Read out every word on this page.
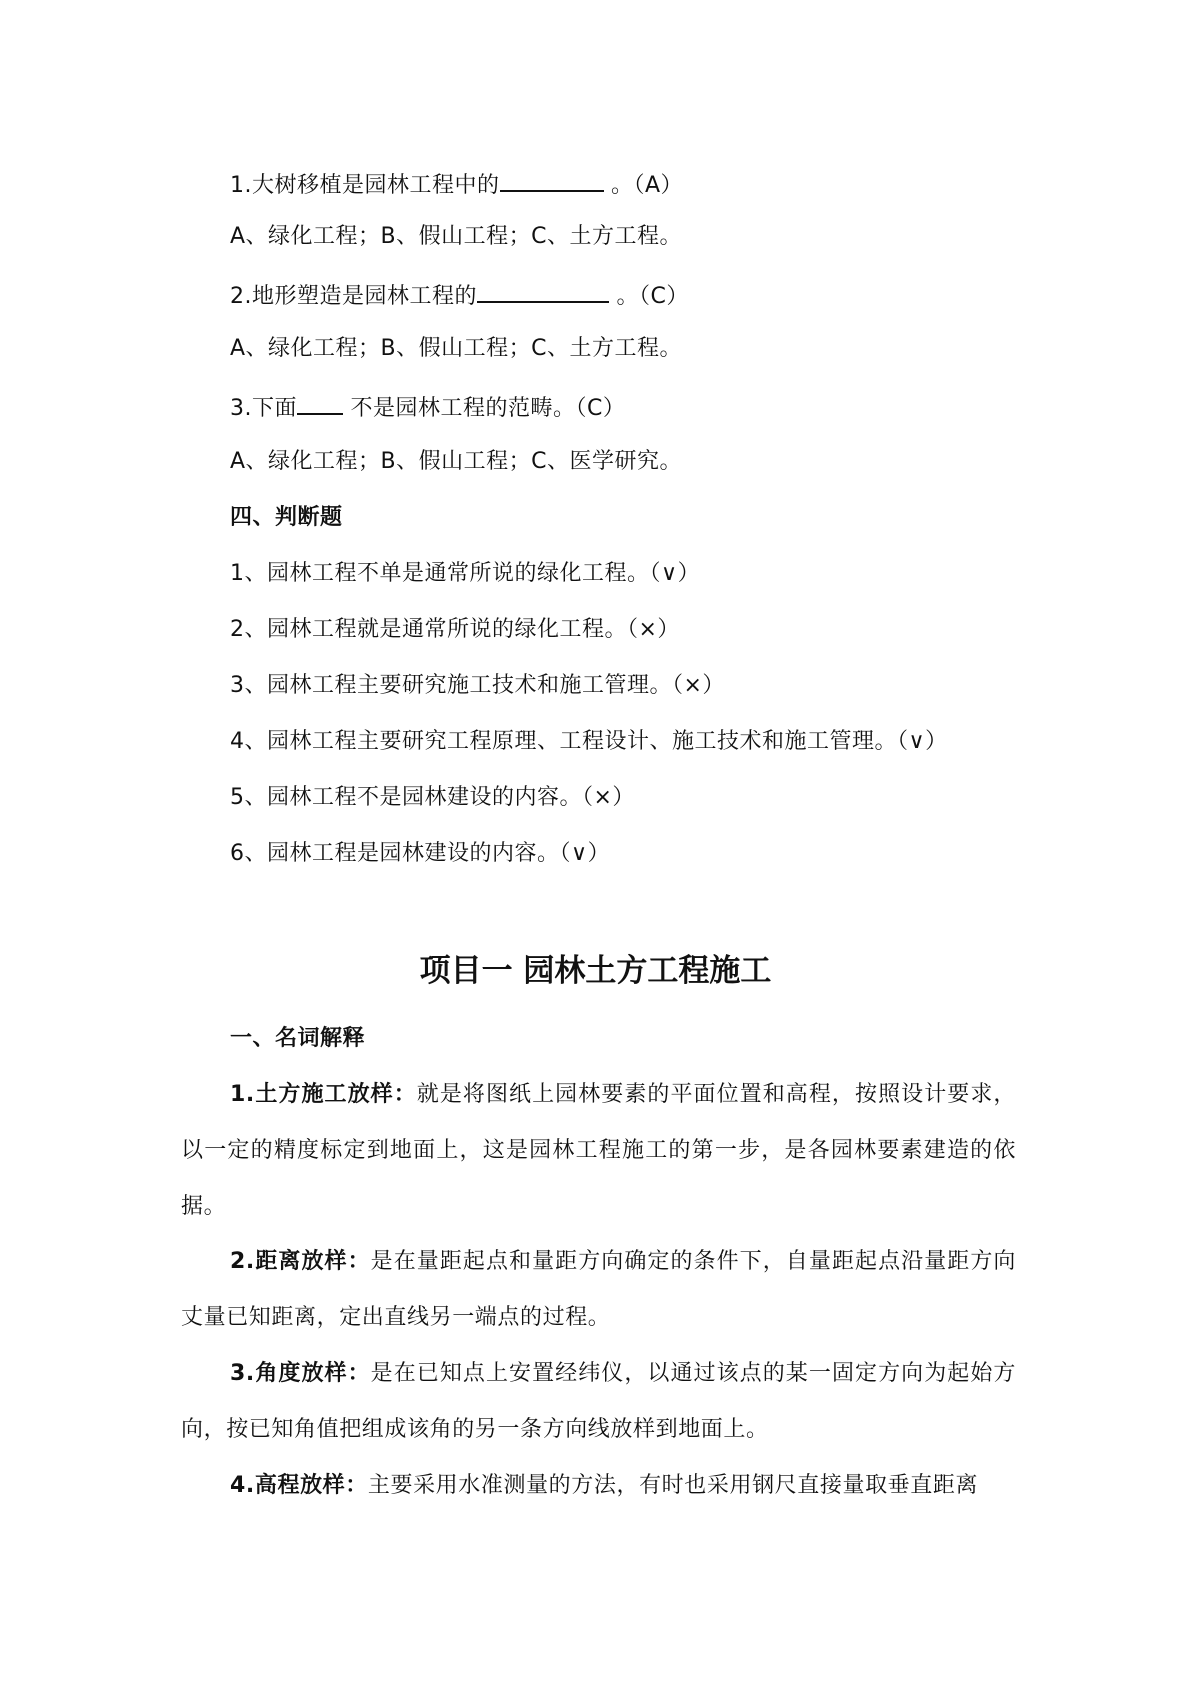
1.大树移植是园林工程中的	。（A）
A、绿化工程；B、假山工程；C、土方工程。
2.地形塑造是园林工程的	。（C）
A、绿化工程；B、假山工程；C、土方工程。
3.下面 不是园林工程的范畴。（C）
A、绿化工程；B、假山工程；C、医学研究。
四、判断题
1、园林工程不单是通常所说的绿化工程。（∨）
2、园林工程就是通常所说的绿化工程。（×）
3、园林工程主要研究施工技术和施工管理。（×）
4、园林工程主要研究工程原理、工程设计、施工技术和施工管理。（∨）
5、园林工程不是园林建设的内容。（×）
6、园林工程是园林建设的内容。（∨）
项目一 园林土方工程施工
一、名词解释
1.土方施工放样：就是将图纸上园林要素的平面位置和高程，按照设计要求，以一定的精度标定到地面上，这是园林工程施工的第一步，是各园林要素建造的依据。
2.距离放样：是在量距起点和量距方向确定的条件下，自量距起点沿量距方向丈量已知距离，定出直线另一端点的过程。
3.角度放样：是在已知点上安置经纬仪，以通过该点的某一固定方向为起始方向，按已知角值把组成该角的另一条方向线放样到地面上。
4.高程放样：主要采用水准测量的方法，有时也采用钢尺直接量取垂直距离
